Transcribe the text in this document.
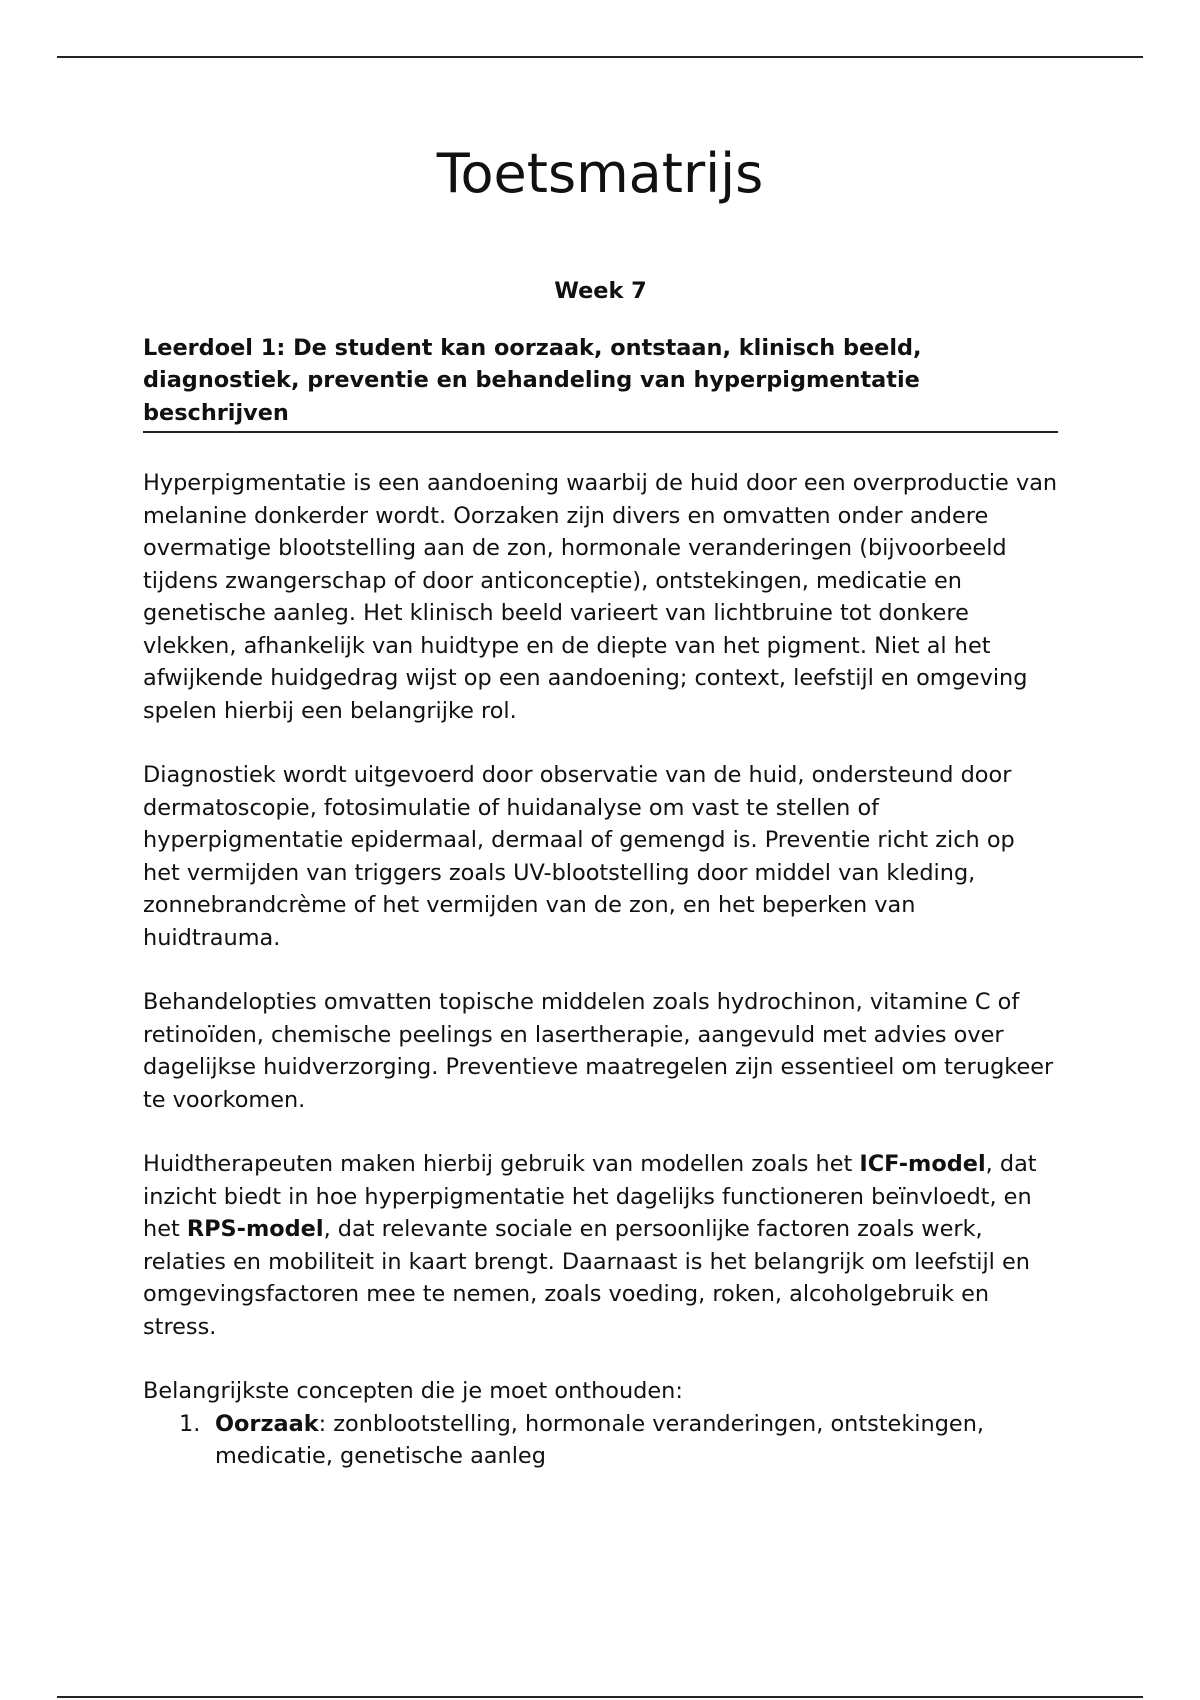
Toetsmatrijs

Week 7

Leerdoel 1: De student kan oorzaak, ontstaan, klinisch beeld, diagnostiek, preventie en behandeling van hyperpigmentatie beschrijven

Hyperpigmentatie is een aandoening waarbij de huid door een overproductie van melanine donkerder wordt. Oorzaken zijn divers en omvatten onder andere overmatige blootstelling aan de zon, hormonale veranderingen (bijvoorbeeld tijdens zwangerschap of door anticonceptie), ontstekingen, medicatie en genetische aanleg. Het klinisch beeld varieert van lichtbruine tot donkere vlekken, afhankelijk van huidtype en de diepte van het pigment. Niet al het afwijkende huidgedrag wijst op een aandoening; context, leefstijl en omgeving spelen hierbij een belangrijke rol.

Diagnostiek wordt uitgevoerd door observatie van de huid, ondersteund door dermatoscopie, fotosimulatie of huidanalyse om vast te stellen of hyperpigmentatie epidermaal, dermaal of gemengd is. Preventie richt zich op het vermijden van triggers zoals UV-blootstelling door middel van kleding, zonnebrandcrème of het vermijden van de zon, en het beperken van huidtrauma.

Behandelopties omvatten topische middelen zoals hydrochinon, vitamine C of retinoïden, chemische peelings en lasertherapie, aangevuld met advies over dagelijkse huidverzorging. Preventieve maatregelen zijn essentieel om terugkeer te voorkomen.

Huidtherapeuten maken hierbij gebruik van modellen zoals het ICF-model, dat inzicht biedt in hoe hyperpigmentatie het dagelijks functioneren beïnvloedt, en het RPS-model, dat relevante sociale en persoonlijke factoren zoals werk, relaties en mobiliteit in kaart brengt. Daarnaast is het belangrijk om leefstijl en omgevingsfactoren mee te nemen, zoals voeding, roken, alcoholgebruik en stress.

Belangrijkste concepten die je moet onthouden:

1. Oorzaak: zonblootstelling, hormonale veranderingen, ontstekingen, medicatie, genetische aanleg
